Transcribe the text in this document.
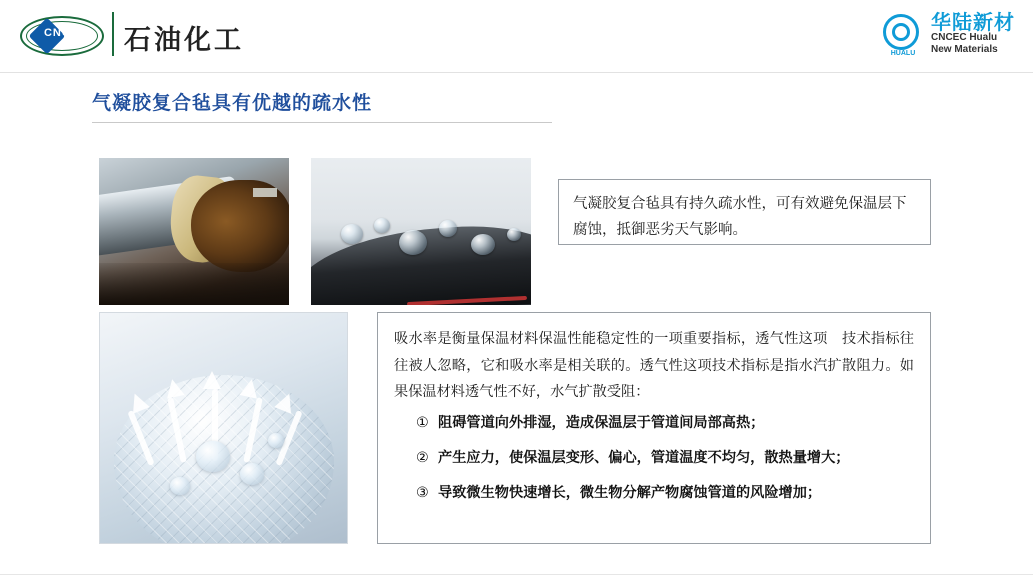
CNCEC 石油化工	HUALU
华陆新材
CNCEC Hualu
New Materials
气凝胶复合毡具有优越的疏水性
气凝胶复合毡具有持久疏水性，可有效避免保温层下腐蚀，抵御恶劣天气影响。

吸水率是衡量保温材料保温性能稳定性的一项重要指标，透气性这项　技术指标往往被人忽略，它和吸水率是相关联的。透气性这项技术指标是指水汽扩散阻力。如果保温材料透气性不好，水气扩散受阻：

① 阻碍管道向外排湿，造成保温层于管道间局部高热；
② 产生应力，使保温层变形、偏心，管道温度不均匀，散热量增大；
③ 导致微生物快速增长，微生物分解产物腐蚀管道的风险增加；
